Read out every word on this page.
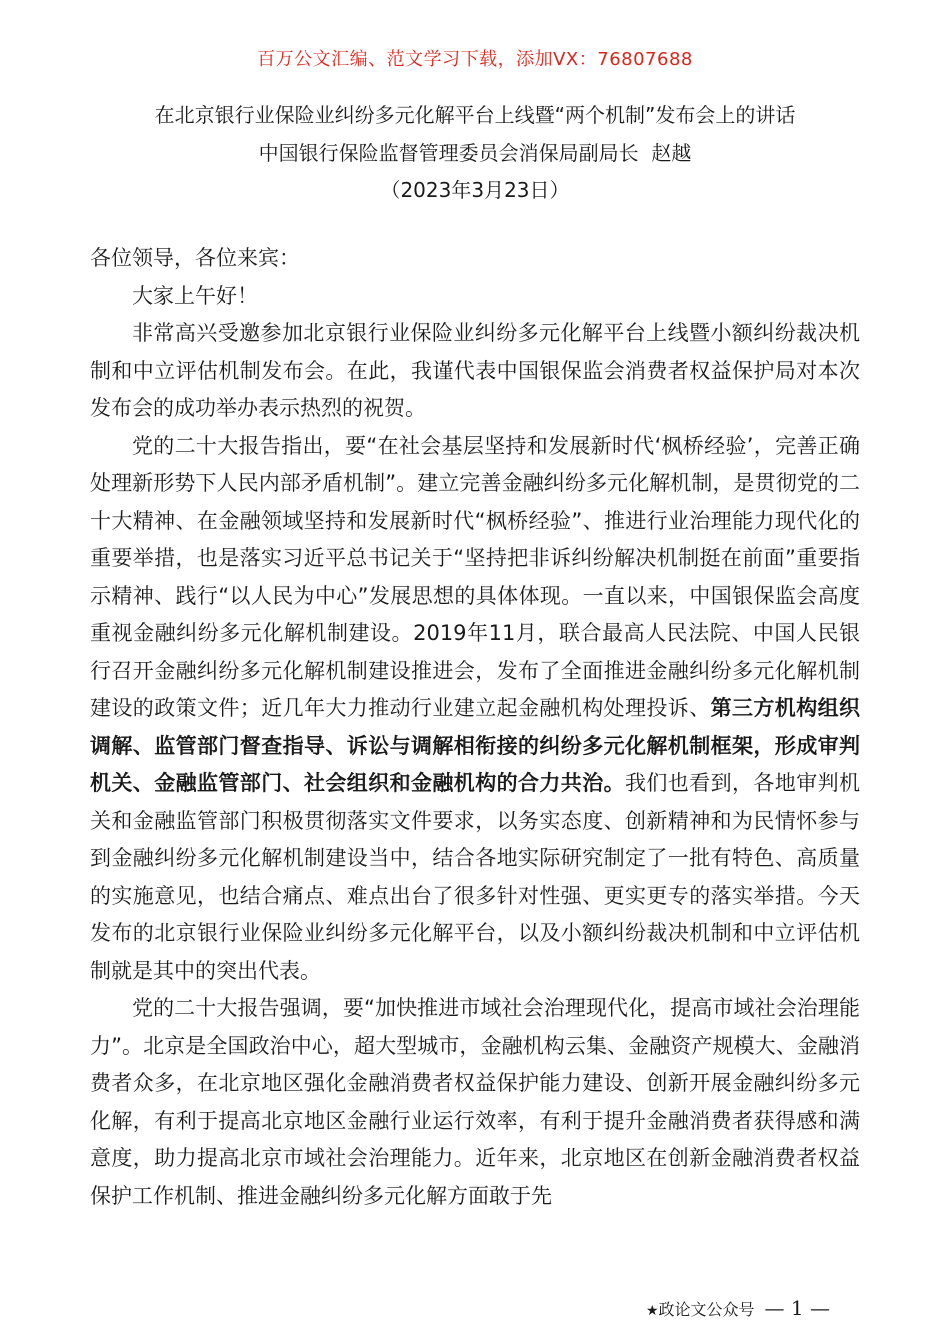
百万公文汇编、范文学习下载，添加VX：76807688
在北京银行业保险业纠纷多元化解平台上线暨“两个机制”发布会上的讲话
中国银行保险监督管理委员会消保局副局长  赵越
（2023年3月23日）

各位领导，各位来宾：

大家上午好！

非常高兴受邀参加北京银行业保险业纠纷多元化解平台上线暨小额纠纷裁决机制和中立评估机制发布会。在此，我谨代表中国银保监会消费者权益保护局对本次发布会的成功举办表示热烈的祝贺。

党的二十大报告指出，要“在社会基层坚持和发展新时代‘枫桥经验’，完善正确处理新形势下人民内部矛盾机制”。建立完善金融纠纷多元化解机制，是贯彻党的二十大精神、在金融领域坚持和发展新时代“枫桥经验”、推进行业治理能力现代化的重要举措，也是落实习近平总书记关于“坚持把非诉纠纷解决机制挺在前面”重要指示精神、践行“以人民为中心”发展思想的具体体现。一直以来，中国银保监会高度重视金融纠纷多元化解机制建设。2019年11月，联合最高人民法院、中国人民银行召开金融纠纷多元化解机制建设推进会，发布了全面推进金融纠纷多元化解机制建设的政策文件；近几年大力推动行业建立起金融机构处理投诉、第三方机构组织调解、监管部门督查指导、诉讼与调解相衔接的纠纷多元化解机制框架，形成审判机关、金融监管部门、社会组织和金融机构的合力共治。我们也看到，各地审判机关和金融监管部门积极贯彻落实文件要求，以务实态度、创新精神和为民情怀参与到金融纠纷多元化解机制建设当中，结合各地实际研究制定了一批有特色、高质量的实施意见，也结合痛点、难点出台了很多针对性强、更实更专的落实举措。今天发布的北京银行业保险业纠纷多元化解平台，以及小额纠纷裁决机制和中立评估机制就是其中的突出代表。

党的二十大报告强调，要“加快推进市域社会治理现代化，提高市域社会治理能力”。北京是全国政治中心，超大型城市，金融机构云集、金融资产规模大、金融消费者众多，在北京地区强化金融消费者权益保护能力建设、创新开展金融纠纷多元化解，有利于提高北京地区金融行业运行效率，有利于提升金融消费者获得感和满意度，助力提高北京市域社会治理能力。近年来，北京地区在创新金融消费者权益保护工作机制、推进金融纠纷多元化解方面敢于先

★政论文公众号 — 1 —
